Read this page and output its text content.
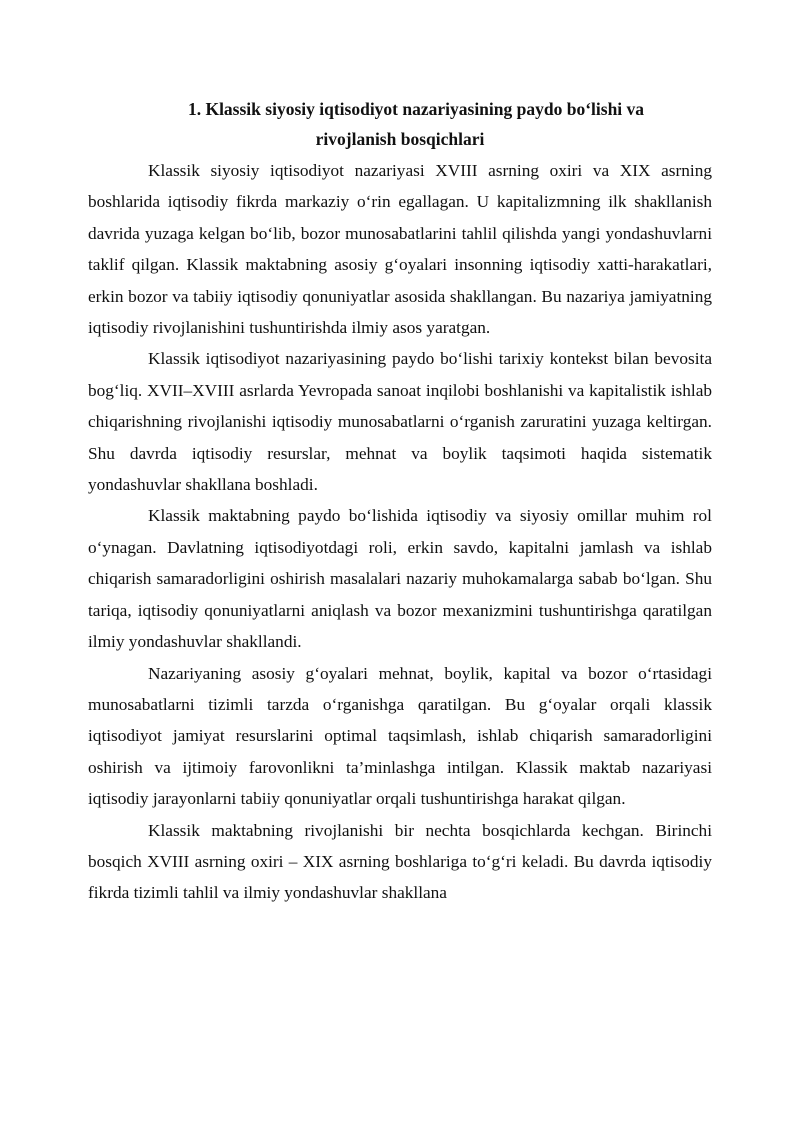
1. Klassik siyosiy iqtisodiyot nazariyasining paydo bo‘lishi va
rivojlanish bosqichlari

Klassik siyosiy iqtisodiyot nazariyasi XVIII asrning oxiri va XIX asrning boshlarida iqtisodiy fikrda markaziy o‘rin egallagan. U kapitalizmning ilk shakllanish davrida yuzaga kelgan bo‘lib, bozor munosabatlarini tahlil qilishda yangi yondashuvlarni taklif qilgan. Klassik maktabning asosiy g‘oyalari insonning iqtisodiy xatti-harakatlari, erkin bozor va tabiiy iqtisodiy qonuniyatlar asosida shakllangan. Bu nazariya jamiyatning iqtisodiy rivojlanishini tushuntirishda ilmiy asos yaratgan.

Klassik iqtisodiyot nazariyasining paydo bo‘lishi tarixiy kontekst bilan bevosita bog‘liq. XVII–XVIII asrlarda Yevropada sanoat inqilobi boshlanishi va kapitalistik ishlab chiqarishning rivojlanishi iqtisodiy munosabatlarni o‘rganish zaruratini yuzaga keltirgan. Shu davrda iqtisodiy resurslar, mehnat va boylik taqsimoti haqida sistematik yondashuvlar shakllana boshladi.

Klassik maktabning paydo bo‘lishida iqtisodiy va siyosiy omillar muhim rol o‘ynagan. Davlatning iqtisodiyotdagi roli, erkin savdo, kapitalni jamlash va ishlab chiqarish samaradorligini oshirish masalalari nazariy muhokamalarga sabab bo‘lgan. Shu tariqa, iqtisodiy qonuniyatlarni aniqlash va bozor mexanizmini tushuntirishga qaratilgan ilmiy yondashuvlar shakllandi.

Nazariyaning asosiy g‘oyalari mehnat, boylik, kapital va bozor o‘rtasidagi munosabatlarni tizimli tarzda o‘rganishga qaratilgan. Bu g‘oyalar orqali klassik iqtisodiyot jamiyat resurslarini optimal taqsimlash, ishlab chiqarish samaradorligini oshirish va ijtimoiy farovonlikni ta’minlashga intilgan. Klassik maktab nazariyasi iqtisodiy jarayonlarni tabiiy qonuniyatlar orqali tushuntirishga harakat qilgan.

Klassik maktabning rivojlanishi bir nechta bosqichlarda kechgan. Birinchi bosqich XVIII asrning oxiri – XIX asrning boshlariga to‘g‘ri keladi. Bu davrda iqtisodiy fikrda tizimli tahlil va ilmiy yondashuvlar shakllana
